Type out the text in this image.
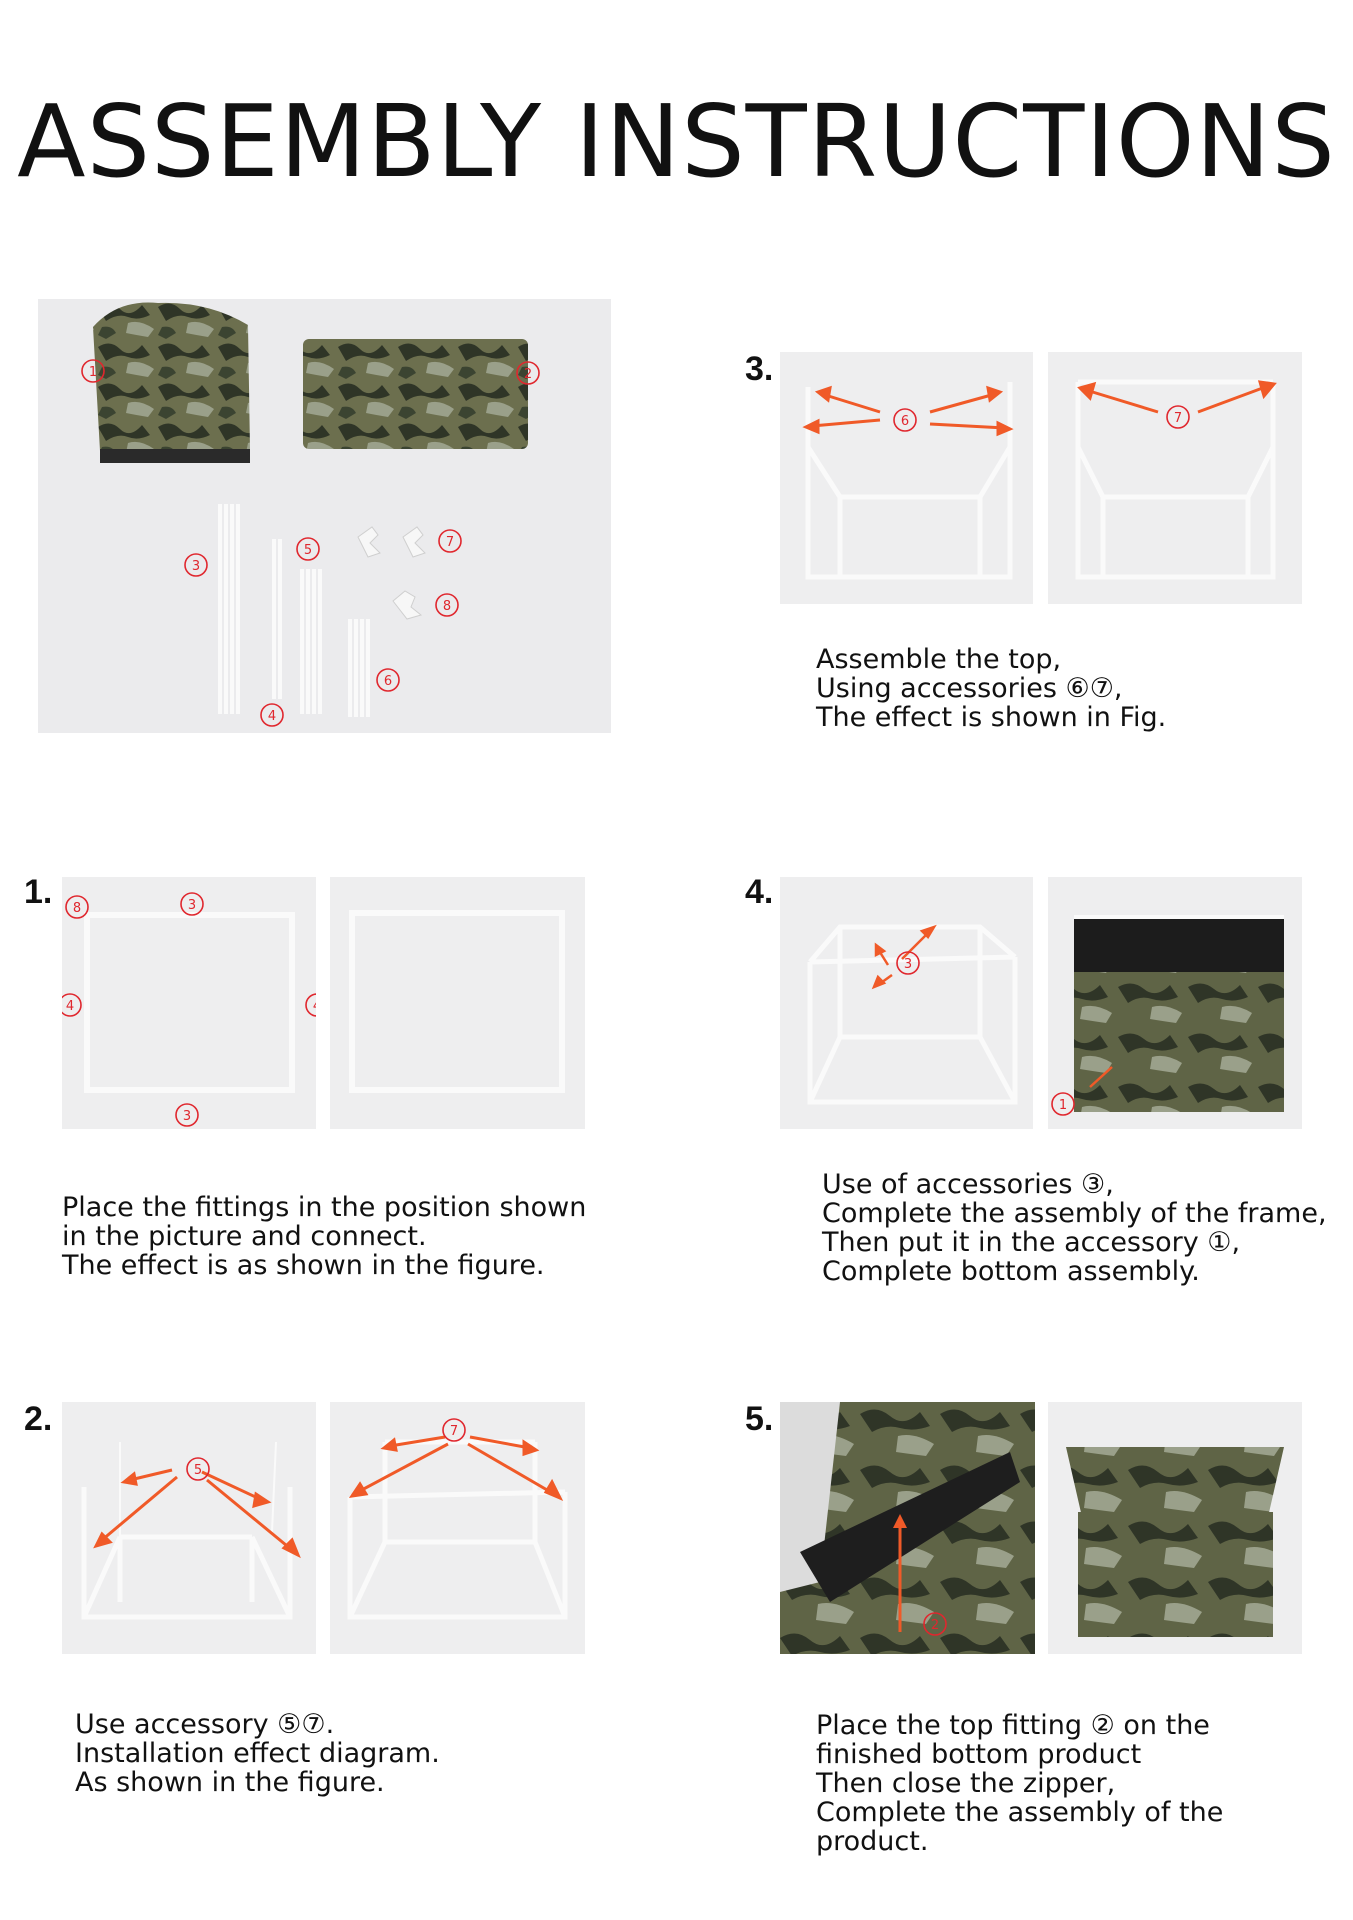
ASSEMBLY INSTRUCTIONS
1	2
3
4
5
6
7
8
3.
6	7
Assemble the top,
Using accessories ⑥⑦,
The effect is shown in Fig.
1. 8	3
4	4
3
Place the fittings in the position shown
in the picture and connect.
The effect is as shown in the figure.
4.
3
1
Use of accessories ③,
Complete the assembly of the frame,
Then put it in the accessory ①,
Complete bottom assembly.
2.
5
7
Use accessory ⑤⑦.
Installation effect diagram.
As shown in the figure.
5.
2
Place the top fitting ② on the
finished bottom product
Then close the zipper,
Complete the assembly of the
product.
